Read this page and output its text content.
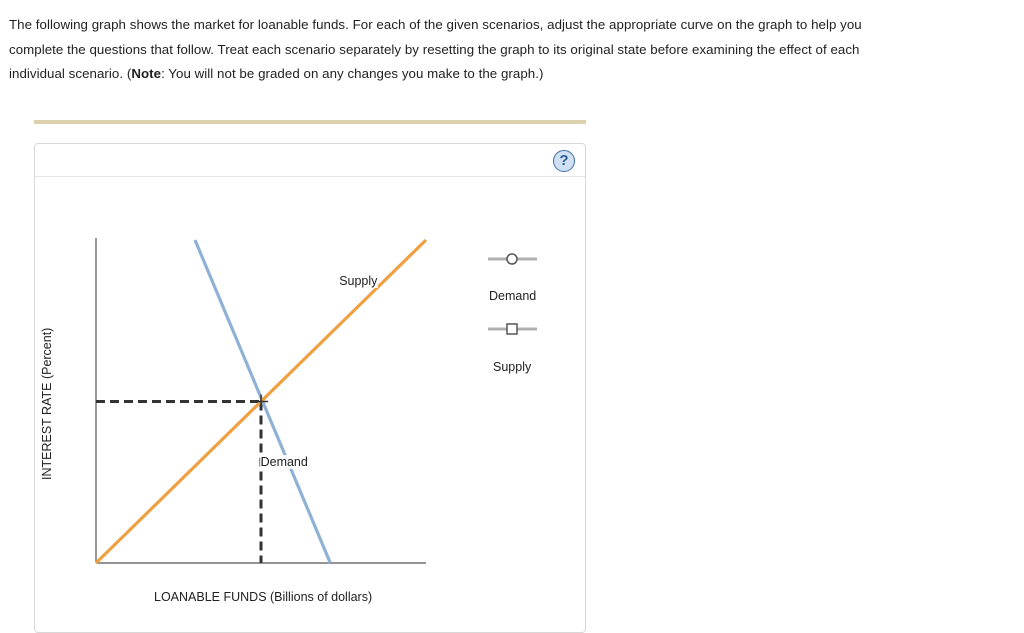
The following graph shows the market for loanable funds. For each of the given scenarios, adjust the appropriate curve on the graph to help you
complete the questions that follow. Treat each scenario separately by resetting the graph to its original state before examining the effect of each
individual scenario. (Note: You will not be graded on any changes you make to the graph.)
?
INTEREST RATE (Percent)
LOANABLE FUNDS (Billions of dollars)
Demand
Supply
Demand
Supply
